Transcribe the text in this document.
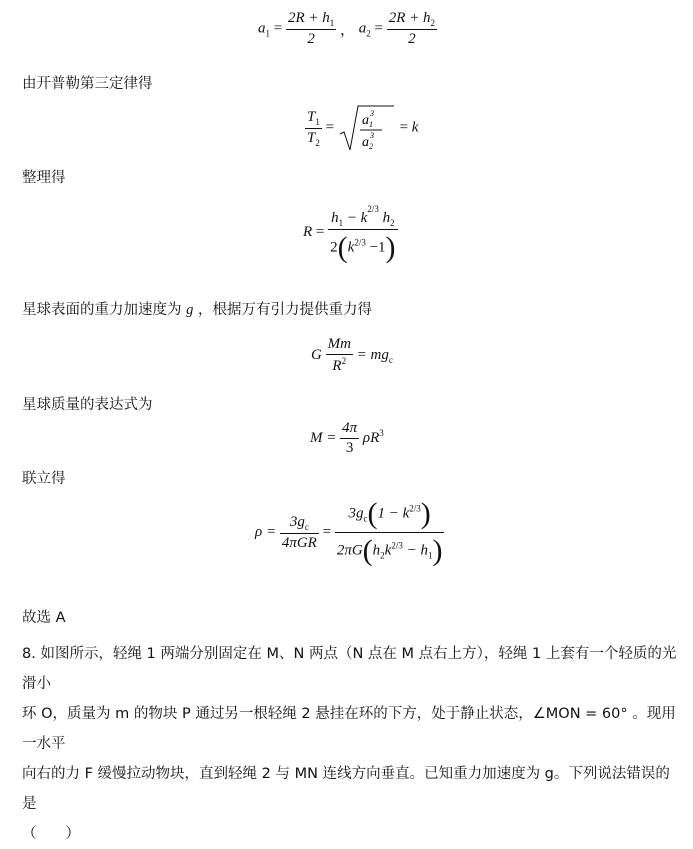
$a_1 = \frac{2R + h_1}{2}$ ， $a_2 = \frac{2R + h_2}{2}$
由开普勒第三定律得
$\frac{T_1}{T_2} = a$ 1
3
a 2
3 = k
整理得
$R = \frac{h_1 - k^{2/3} h_2}{2(k^{2/3} -1)}$
星球表面的重力加速度为 g ，根据万有引力提供重力得
G $\frac{Mm}{R^2} = mg_c$
星球质量的表达式为
$M = \frac{4\pi}{3} \rho R^3$
联立得
$\rho = \frac{3g_c}{\text{4πGR}} = \frac{3g_c(1 - k^{2/3})}{2\pi G(h_2k^{2/3} - h_1)}$
故选 A
8. 如图所示，轻绳 1 两端分别固定在 M、N 两点（N 点在 M 点右上方），轻绳 1 上套有一个轻质的光滑小
环 O，质量为 m 的物块 P 通过另一根轻绳 2 悬挂在环的下方，处于静止状态，∠MON = 60° 。现用一水平
向右的力 F 缓慢拉动物块，直到轻绳 2 与 MN 连线方向垂直。已知重力加速度为 g。下列说法错误的是
（　　）
